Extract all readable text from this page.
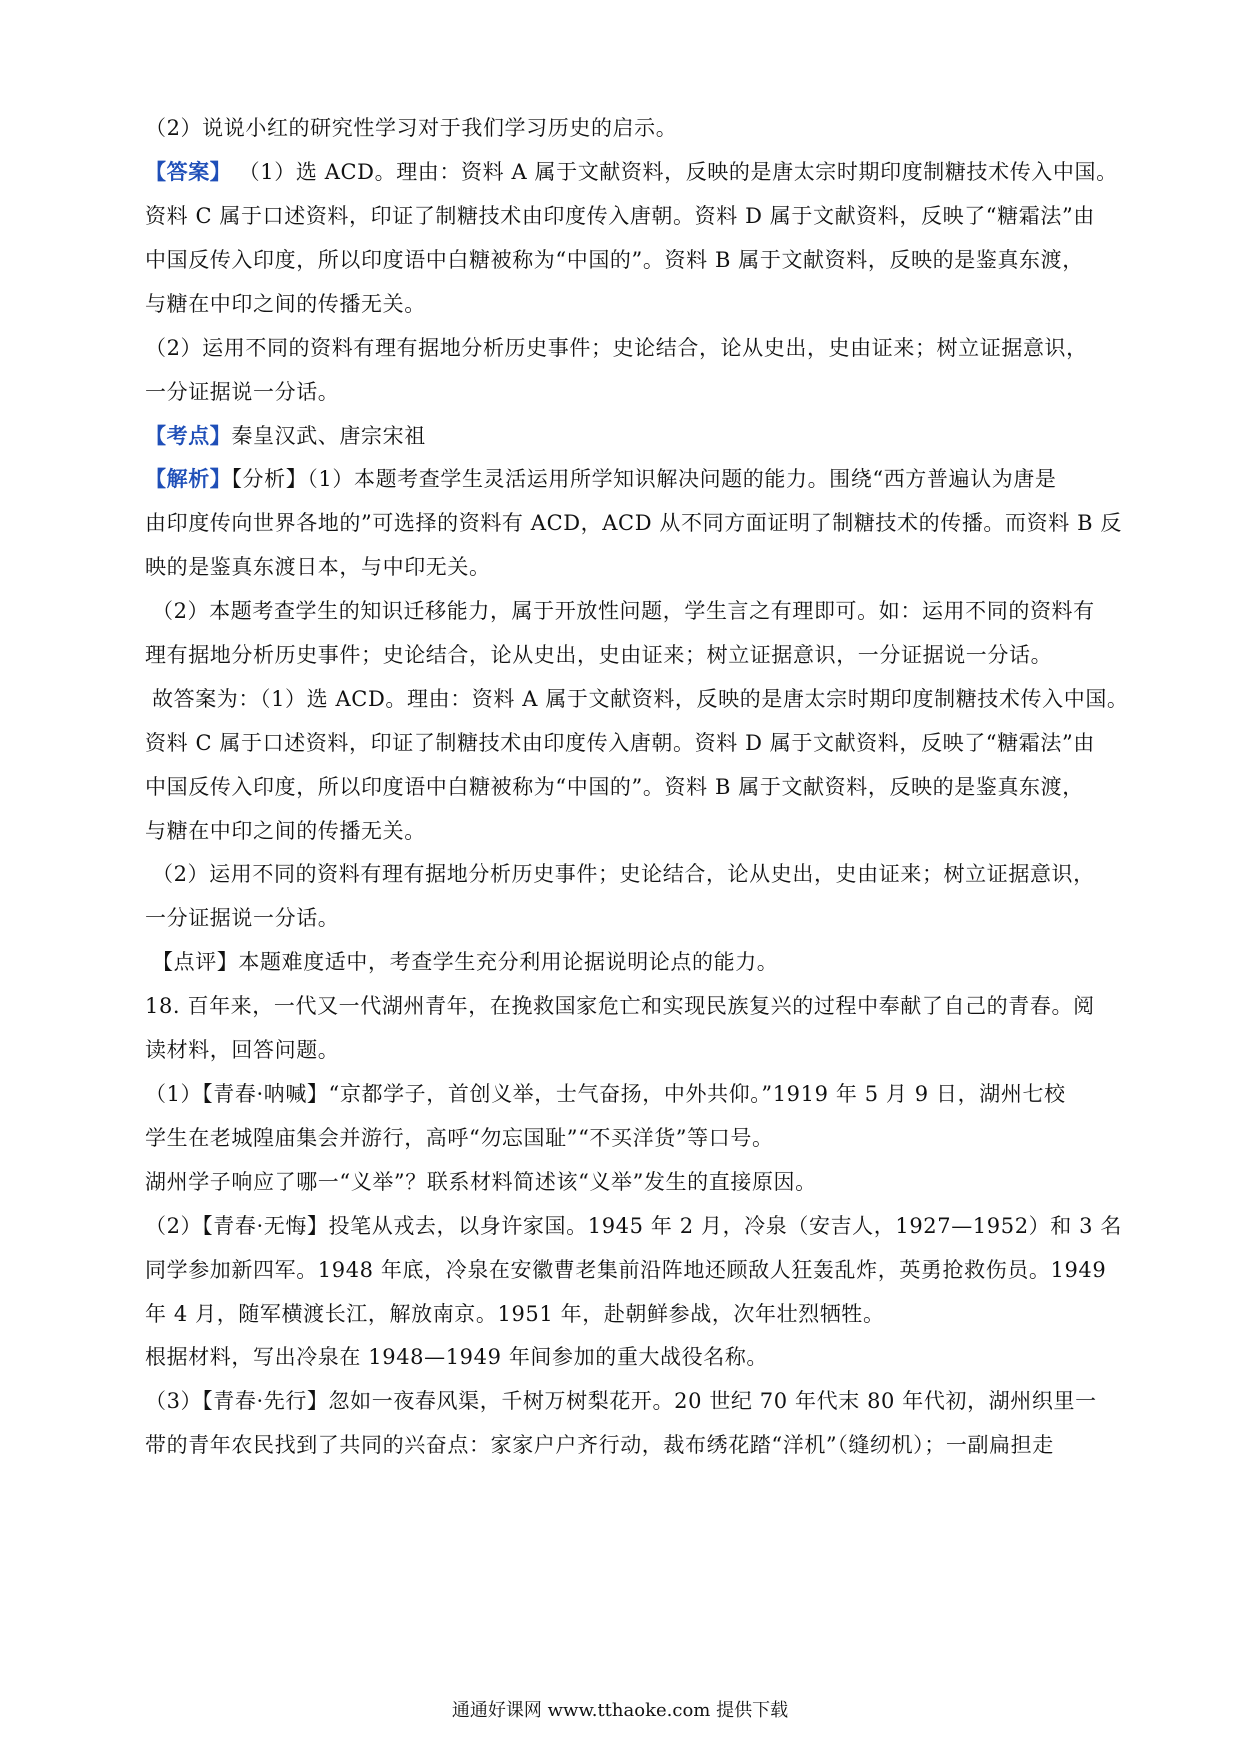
（2）说说小红的研究性学习对于我们学习历史的启示。
【答案】 （1）选 ACD。理由：资料 A 属于文献资料，反映的是唐太宗时期印度制糖技术传入中国。
资料 C 属于口述资料，印证了制糖技术由印度传入唐朝。资料 D 属于文献资料，反映了“糖霜法”由
中国反传入印度，所以印度语中白糖被称为“中国的”。资料 B 属于文献资料，反映的是鉴真东渡，
与糖在中印之间的传播无关。
（2）运用不同的资料有理有据地分析历史事件；史论结合，论从史出，史由证来；树立证据意识，
一分证据说一分话。
【考点】秦皇汉武、唐宗宋祖
【解析】【分析】（1）本题考查学生灵活运用所学知识解决问题的能力。围绕“西方普遍认为唐是
由印度传向世界各地的”可选择的资料有 ACD，ACD 从不同方面证明了制糖技术的传播。而资料 B 反
映的是鉴真东渡日本，与中印无关。
（2）本题考查学生的知识迁移能力，属于开放性问题，学生言之有理即可。如：运用不同的资料有
理有据地分析历史事件；史论结合，论从史出，史由证来；树立证据意识，一分证据说一分话。
故答案为：（1）选 ACD。理由：资料 A 属于文献资料，反映的是唐太宗时期印度制糖技术传入中国。
资料 C 属于口述资料，印证了制糖技术由印度传入唐朝。资料 D 属于文献资料，反映了“糖霜法”由
中国反传入印度，所以印度语中白糖被称为“中国的”。资料 B 属于文献资料，反映的是鉴真东渡，
与糖在中印之间的传播无关。
（2）运用不同的资料有理有据地分析历史事件；史论结合，论从史出，史由证来；树立证据意识，
一分证据说一分话。
【点评】本题难度适中，考查学生充分利用论据说明论点的能力。
18. 百年来，一代又一代湖州青年，在挽救国家危亡和实现民族复兴的过程中奉献了自己的青春。阅
读材料，回答问题。
（1）【青春·呐喊】“京都学子，首创义举，士气奋扬，中外共仰。”1919 年 5 月 9 日，湖州七校
学生在老城隍庙集会并游行，高呼“勿忘国耻”“不买洋货”等口号。
湖州学子响应了哪一“义举”？联系材料简述该“义举”发生的直接原因。
（2）【青春·无悔】投笔从戎去，以身许家国。1945 年 2 月，冷泉（安吉人，1927—1952）和 3 名
同学参加新四军。1948 年底，冷泉在安徽曹老集前沿阵地还顾敌人狂轰乱炸，英勇抢救伤员。1949
年 4 月，随军横渡长江，解放南京。1951 年，赴朝鲜参战，次年壮烈牺牲。
根据材料，写出冷泉在 1948—1949 年间参加的重大战役名称。
（3）【青春·先行】忽如一夜春风渠，千树万树梨花开。20 世纪 70 年代末 80 年代初，湖州织里一
带的青年农民找到了共同的兴奋点：家家户户齐行动，裁布绣花踏“洋机”（缝纫机）；一副扁担走
通通好课网 www.tthaoke.com 提供下载
